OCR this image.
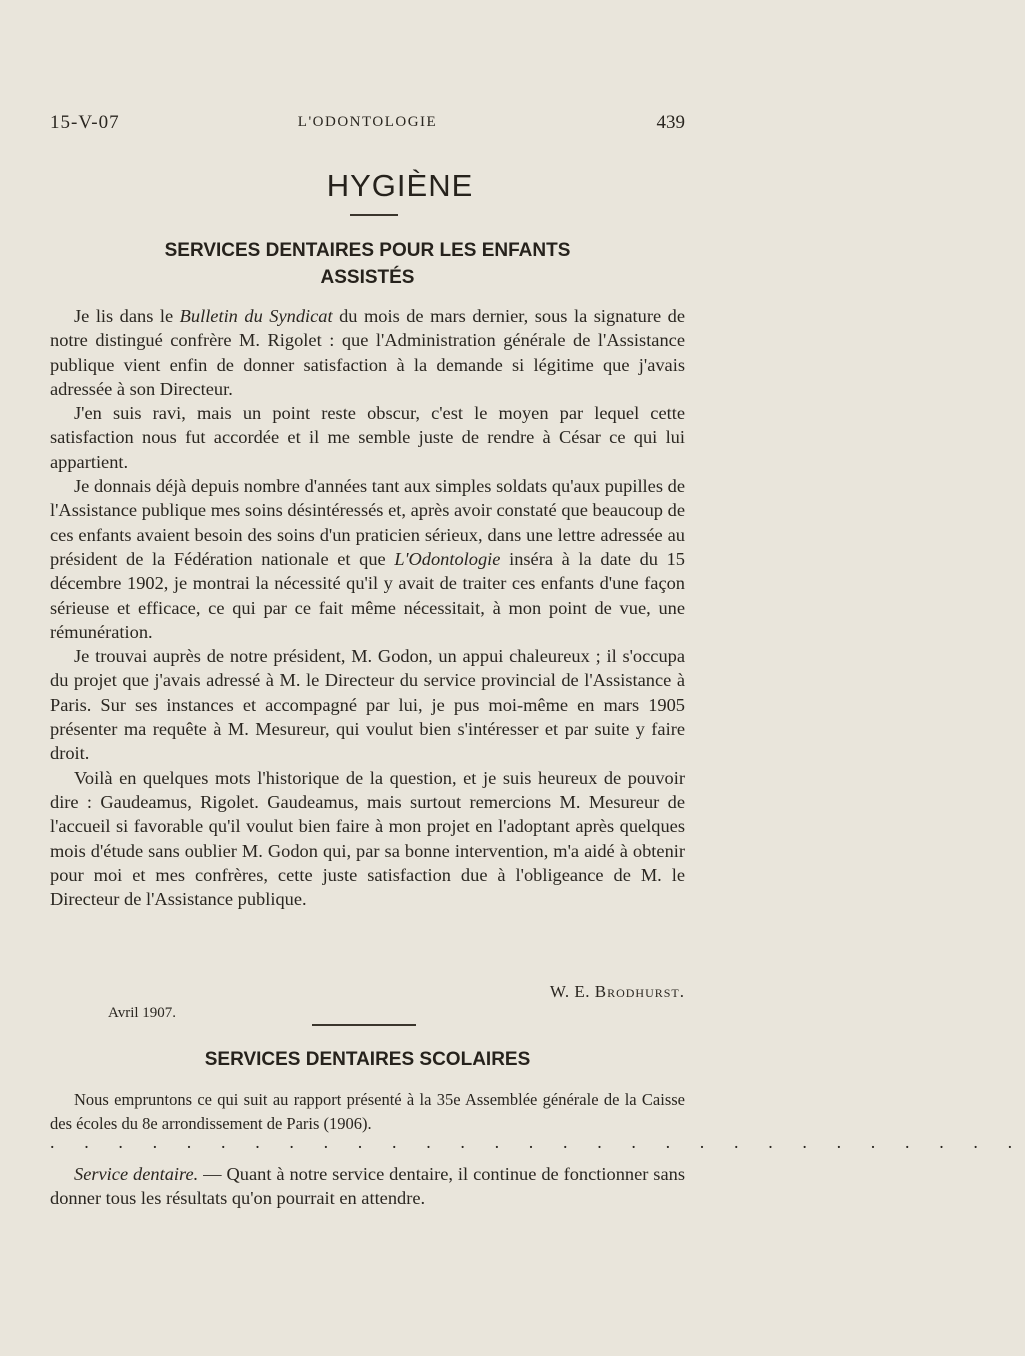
15-V-07	L'ODONTOLOGIE	439
HYGIÈNE
SERVICES DENTAIRES POUR LES ENFANTS
ASSISTÉS

Je lis dans le Bulletin du Syndicat du mois de mars dernier, sous la signature de notre distingué confrère M. Rigolet : que l'Administration générale de l'Assistance publique vient enfin de donner satisfaction à la demande si légitime que j'avais adressée à son Directeur.

J'en suis ravi, mais un point reste obscur, c'est le moyen par lequel cette satisfaction nous fut accordée et il me semble juste de rendre à César ce qui lui appartient.

Je donnais déjà depuis nombre d'années tant aux simples soldats qu'aux pupilles de l'Assistance publique mes soins désintéressés et, après avoir constaté que beaucoup de ces enfants avaient besoin des soins d'un praticien sérieux, dans une lettre adressée au président de la Fédération nationale et que L'Odontologie inséra à la date du 15 décembre 1902, je montrai la nécessité qu'il y avait de traiter ces enfants d'une façon sérieuse et efficace, ce qui par ce fait même nécessitait, à mon point de vue, une rémunération.

Je trouvai auprès de notre président, M. Godon, un appui chaleureux ; il s'occupa du projet que j'avais adressé à M. le Directeur du service provincial de l'Assistance à Paris. Sur ses instances et accompagné par lui, je pus moi-même en mars 1905 présenter ma requête à M. Mesureur, qui voulut bien s'intéresser et par suite y faire droit.

Voilà en quelques mots l'historique de la question, et je suis heureux de pouvoir dire : Gaudeamus, Rigolet. Gaudeamus, mais surtout remercions M. Mesureur de l'accueil si favorable qu'il voulut bien faire à mon projet en l'adoptant après quelques mois d'étude sans oublier M. Godon qui, par sa bonne intervention, m'a aidé à obtenir pour moi et mes confrères, cette juste satisfaction due à l'obligeance de M. le Directeur de l'Assistance publique.

W. E. Brodhurst.
Avril 1907.
SERVICES DENTAIRES SCOLAIRES

Nous empruntons ce qui suit au rapport présenté à la 35e Assemblée générale de la Caisse des écoles du 8e arrondissement de Paris (1906).

. . . . . . . . . . . . . . . . . . . . . . . . . . . . .

Service dentaire. — Quant à notre service dentaire, il continue de fonctionner sans donner tous les résultats qu'on pourrait en attendre.
